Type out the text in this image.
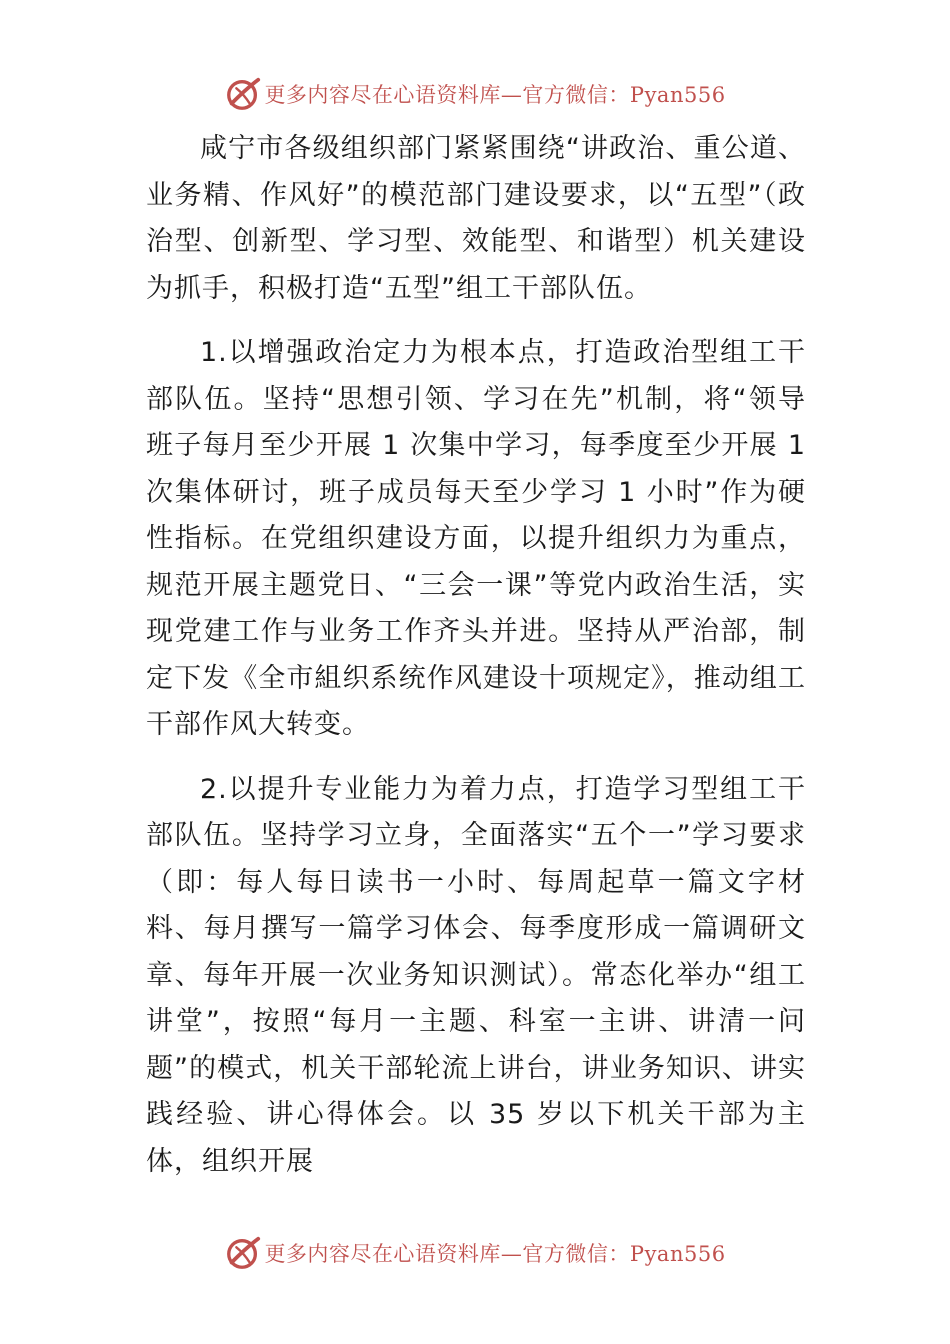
更多内容尽在心语资料库—官方微信：Pyan556

咸宁市各级组织部门紧紧围绕“讲政治、重公道、业务精、作风好”的模范部门建设要求，以“五型”（政治型、创新型、学习型、效能型、和谐型）机关建设为抓手，积极打造“五型”组工干部队伍。

1.以增强政治定力为根本点，打造政治型组工干部队伍。坚持“思想引领、学习在先”机制，将“领导班子每月至少开展 1 次集中学习，每季度至少开展 1 次集体研讨，班子成员每天至少学习 1 小时”作为硬性指标。在党组织建设方面，以提升组织力为重点，规范开展主题党日、“三会一课”等党内政治生活，实现党建工作与业务工作齐头并进。坚持从严治部，制定下发《全市組织系统作风建设十项规定》，推动组工干部作风大转变。

2.以提升专业能力为着力点，打造学习型组工干部队伍。坚持学习立身，全面落实“五个一”学习要求（即：每人每日读书一小时、每周起草一篇文字材料、每月撰写一篇学习体会、每季度形成一篇调研文章、每年开展一次业务知识测试）。常态化举办“组工讲堂”，按照“每月一主题、科室一主讲、讲清一问题”的模式，机关干部轮流上讲台，讲业务知识、讲实践经验、讲心得体会。以 35 岁以下机关干部为主体，组织开展

更多内容尽在心语资料库—官方微信：Pyan556
